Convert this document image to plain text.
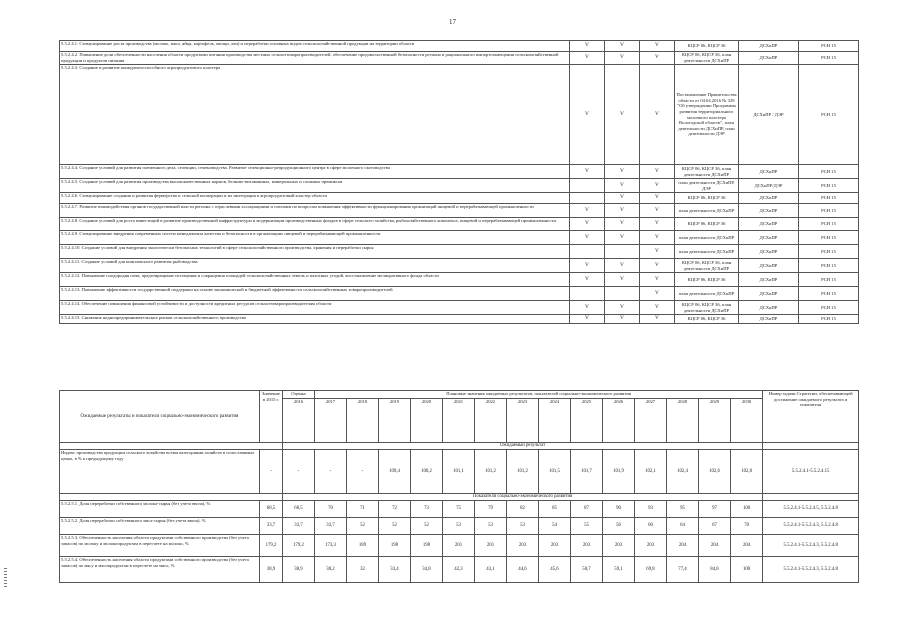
17
5.5.2.4.1. Стимулирование роста производства (молоко, мясо, яйца, картофель, овощи, лен) и переработки основных видов сельскохозяйственной продукции на территории области	V	V	V	КЦСР 06, КЦСР 36	ДСХиПР	РСН 15
5.5.2.4.2. Повышение доли обеспеченности населения области продуктами питания производства местных сельхозтоваропроизводителей, обеспечение продовольственной безопасности региона и рационального импортозамещения сельскохозяйственной продукции и продуктов питания	V	V	V	КЦСР 06, КЦСР 36, план деятельности ДСХиПР	ДСХиПР	РСН 15
5.5.2.4.3. Создание и развитие конкурентоспособного агропродуктового кластера	V	V	V	Постановление Правительства области от 04.04.2016 № 329 "Об утверждении Программы развития территориального молочного кластера Вологодской области", план деятельности ДСХиПР, план деятельности ДЭР	ДСХиПР / ДЭР	РСН 15
5.5.2.4.4. Создание условий для развития племенного дела, селекции, семеноводства. Развитие селекционно-репродукционного центра в сфере молочного скотоводства	V	V	V	КЦСР 06, КЦСР 36, план деятельности ДСХиПР	ДСХиПР	РСН 15
5.5.2.4.5. Создание условий для развития производства высококачественных кормов, белково-витаминных, минеральных и сложных премиксов		V	V	план деятельности ДСХиПР, ДЭР	ДСХиПР/ДЭР	РСН 15
5.5.2.4.6. Стимулирование создания и развития фермерства и сельской кооперации и их интеграция в агропродуктовый кластер области		V	V	КЦСР 06, КЦСР 36	ДСХиПР	РСН 15
5.5.2.4.7. Развитие взаимодействия органов государственной власти региона с отраслевыми ассоциациями и союзами по вопросам повышения эффективности функционирования организаций пищевой и перерабатывающей промышленности	V	V	V	план деятельности ДСХиПР	ДСХиПР	РСН 15
5.5.2.4.8. Создание условий для роста инвестиций в развитие производственной инфраструктуры и модернизации производственных фондов в сфере сельского хозяйства, рыбохозяйственного комплекса, пищевой и перерабатывающей промышленности	V	V	V	КЦСР 06, КЦСР 36	ДСХиПР	РСН 15
5.5.2.4.9. Стимулирование внедрения современных систем менеджмента качества и безопасности в организациях пищевой и перерабатывающей промышленности	V	V	V	план деятельности ДСХиПР	ДСХиПР	РСН 15
5.5.2.4.10. Создание условий для внедрения экологически безопасных технологий в сфере сельскохозяйственного производства, хранения и переработки сырья			V	план деятельности ДСХиПР	ДСХиПР	РСН 15
5.5.2.4.11. Создание условий для комплексного развития рыбоводства	V	V	V	КЦСР 06, КЦСР 36, план деятельности ДСХиПР	ДСХиПР	РСН 15
5.5.2.4.12. Повышение плодородия почв, предотвращение истощения и сокращения площадей сельскохозяйственных земель и пахотных угодий, восстановление мелиоративного фонда области	V	V	V	КЦСР 06, КЦСР 36	ДСХиПР	РСН 15
5.5.2.4.13. Повышение эффективности государственной поддержки на основе экономической и бюджетной эффективности сельскохозяйственных товаропроизводителей			V	план деятельности ДСХиПР	ДСХиПР	РСН 15
5.5.2.4.14. Обеспечение повышения финансовой устойчивости и доступности кредитных ресурсов сельхозтоваропроизводителям области	V	V	V	КЦСР 06, КЦСР 36, план деятельности ДСХиПР	ДСХиПР	РСН 15
5.5.2.4.15. Снижение неднопредпринимательских рисков сельскохозяйственного производства	V	V	V	КЦСР 06, КЦСР 36	ДСХиПР	РСН 15
Ожидаемые результаты и показатели социально-экономического развития	Значение в 2015 г.	Оценка	Плановые значения ожидаемых результатов, показателей социально-экономического развития														Номер задачи Стратегии, обеспечивающей достижение ожидаемого результата и показателя
		2016	2017	2018	2019	2020	2021	2022	2023	2024	2025	2026	2027	2028	2029	2030	
		Ожидаемый результат															
Индекс производства продукции сельского хозяйства всеми категориями хозяйств в сопоставимых ценах, в % к предыдущему году	-	-	-	-	109,4	100,2	101,1	101,2	101,2	101,5	101,7	101,9	102,1	102,4	102,6	102,8	5.5.2.4.1-5.5.2.4.15
		Показатели социально-экономического развития															
5.5.2.5.1. Доля переработки собственного молока-сырья (без учета ввоза), %	68,5	68,5	70	71	72	73	75	79	82	85	87	90	93	95	97	100	5.5.2.4.1-5.5.2.4.5, 5.5.2.4.8
5.5.2.5.2. Доля переработки собственного мяса-сырья (без учета ввоза), %	33,7	33,7	33,7	52	52	52	53	53	53	54	55	56	60	64	67	70	5.5.2.4.1-5.5.2.4.3, 5.5.2.4.8
5.5.2.5.3. Обеспеченность населения области продуктами собственного производства (без учета запасов) по молоку и молокопродуктам в пересчете на молоко, %	179,2	179,2	173,3	189	198	198	201	201	203	203	203	203	203	204	204	204	5.5.2.4.1-5.5.2.4.3, 5.5.2.4.8
5.5.2.5.4. Обеспеченность населения области продуктами собственного производства (без учета запасов) по мясу и мясопродуктам в пересчете на мясо, %	38,9	38,9	38,2	32	33,4	34,8	42,3	43,1	44,6	45,6	50,7	59,1	69,8	77,4	84,8	100	5.5.2.4.1-5.5.2.4.3, 5.5.2.4.8
